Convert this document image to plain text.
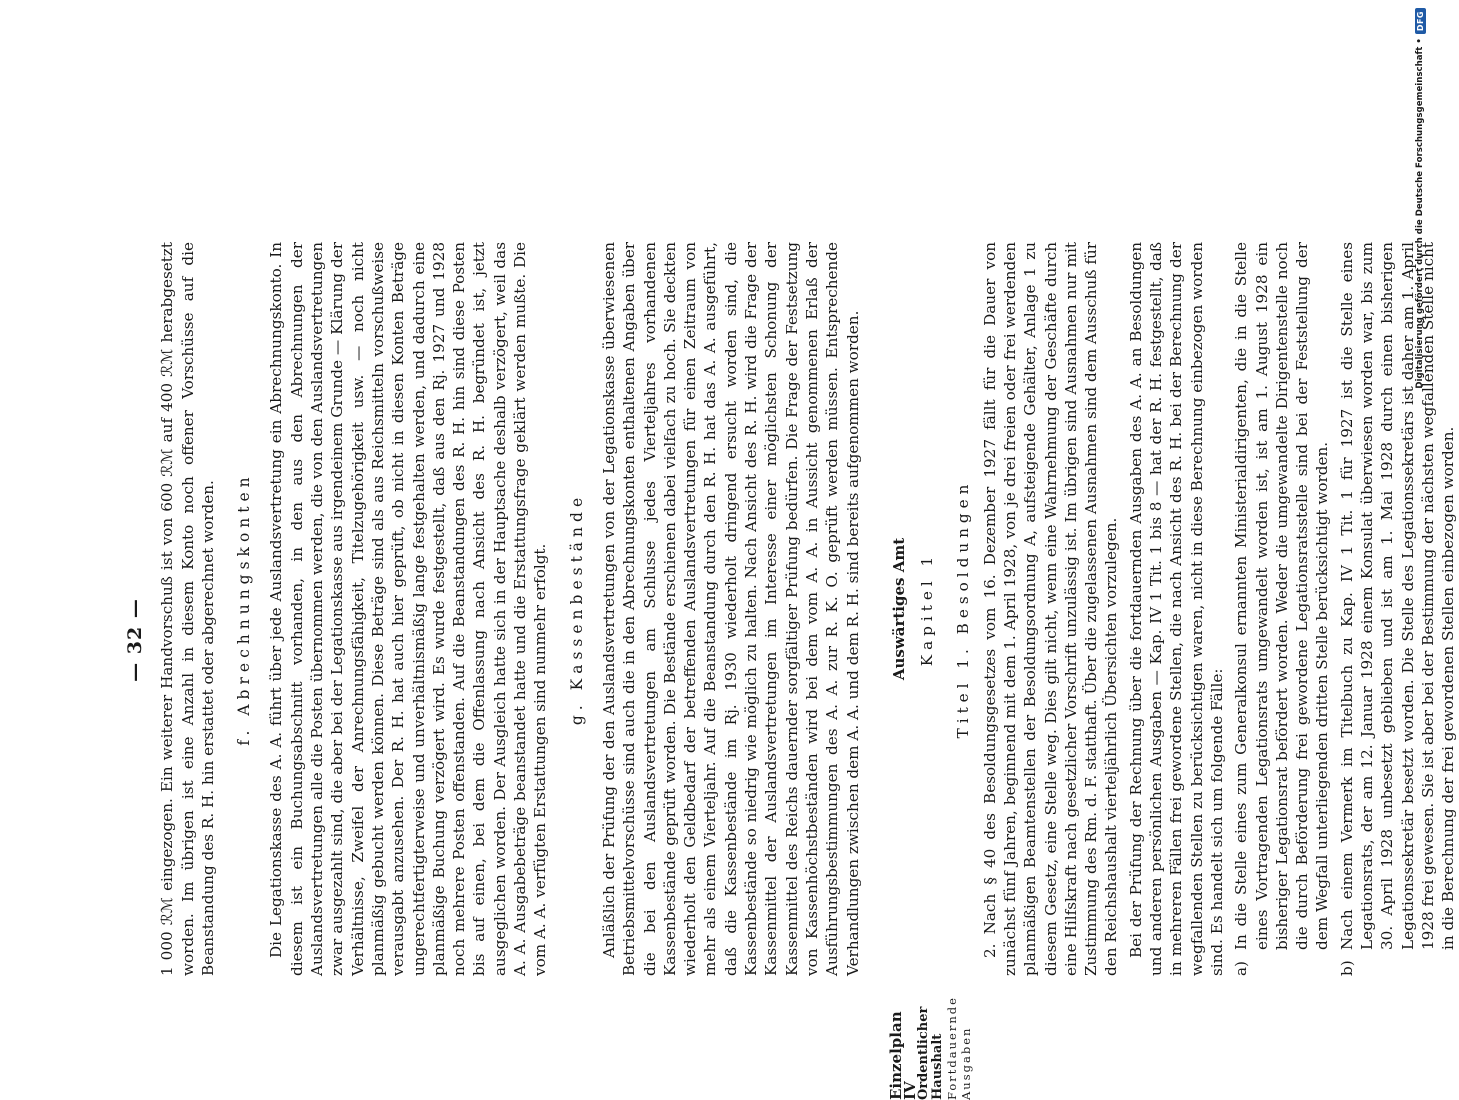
— 32 — 1 000 ℛℳ eingezogen. Ein weiterer Handvorschuß ist von 600 ℛℳ auf 400 ℛℳ herabgesetzt worden. Im übrigen ist eine Anzahl in diesem Konto noch offener Vorschüsse auf die Beanstandung des R. H. hin erstattet oder abgerechnet worden. f. Abrechnungskonten Die Legationskasse des A. A. führt über jede Auslandsvertretung ein Abrechnungskonto. In diesem ist ein Buchungsabschnitt vorhanden, in den aus den Abrechnungen der Auslandsvertretungen alle die Posten übernommen werden, die von den Auslandsvertretungen zwar ausgezahlt sind, die aber bei der Legationskasse aus irgendeinem Grunde — Klärung der Verhältnisse, Zweifel der Anrechnungsfähigkeit, Titelzugehörigkeit usw. — noch nicht planmäßig gebucht werden können. Diese Beträge sind als aus Reichsmitteln vorschußweise verausgabt anzusehen. Der R. H. hat auch hier geprüft, ob nicht in diesen Konten Beträge ungerechtfertigterweise und unverhältnismäßig lange festgehalten werden, und dadurch eine planmäßige Buchung verzögert wird. Es wurde festgestellt, daß aus den Rj. 1927 und 1928 noch mehrere Posten offenstanden. Auf die Beanstandungen des R. H. hin sind diese Posten bis auf einen, bei dem die Offenlassung nach Ansicht des R. H. begründet ist, jetzt ausgeglichen worden. Der Ausgleich hatte sich in der Hauptsache deshalb verzögert, weil das A. A. Ausgabebeträge beanstandet hatte und die Erstattungsfrage geklärt werden mußte. Die vom A. A. verfügten Erstattungen sind nunmehr erfolgt. g. Kassenbestände Anläßlich der Prüfung der den Auslandsvertretungen von der Legationskasse überwiesenen Betriebsmittelvorschüsse sind auch die in den Abrechnungskonten enthaltenen Angaben über die bei den Auslandsvertretungen am Schlusse jedes Vierteljahres vorhandenen Kassenbestände geprüft worden. Die Bestände erschienen dabei vielfach zu hoch. Sie deckten wiederholt den Geldbedarf der betreffenden Auslandsvertretungen für einen Zeitraum von mehr als einem Vierteljahr. Auf die Beanstandung durch den R. H. hat das A. A. ausgeführt, daß die Kassenbestände im Rj. 1930 wiederholt dringend ersucht worden sind, die Kassenbestände so niedrig wie möglich zu halten. Nach Ansicht des R. H. wird die Frage der Kassenmittel der Auslandsvertretungen im Interesse einer möglichsten Schonung der Kassenmittel des Reichs dauernder sorgfältiger Prüfung bedürfen. Die Frage der Festsetzung von Kassenhöchstbeständen wird bei dem vom A. A. in Aussicht genommenen Erlaß der Ausführungsbestimmungen des A. A. zur R. K. O. geprüft werden müssen. Entsprechende Verhandlungen zwischen dem A. A. und dem R. H. sind bereits aufgenommen worden.

Einzelplan IV
Ordentlicher Haushalt Fortdauernde Ausgaben
Auswärtiges Amt Kapitel 1 Titel 1. Besoldungen 2. Nach § 40 des Besoldungsgesetzes vom 16. Dezember 1927 fällt für die Dauer von zunächst fünf Jahren, beginnend mit dem 1. April 1928, von je drei freien oder frei werdenden planmäßigen Beamtenstellen der Besoldungsordnung A, aufsteigende Gehälter, Anlage 1 zu diesem Gesetz, eine Stelle weg. Dies gilt nicht, wenn eine Wahrnehmung der Geschäfte durch eine Hilfskraft nach gesetzlicher Vorschrift unzulässig ist. Im übrigen sind Ausnahmen nur mit Zustimmung des Rm. d. F. statthaft. Über die zugelassenen Ausnahmen sind dem Ausschuß für den Reichshaushalt vierteljährlich Übersichten vorzulegen. Bei der Prüfung der Rechnung über die fortdauernden Ausgaben des A. A. an Besoldungen und anderen persönlichen Ausgaben — Kap. IV 1 Tit. 1 bis 8 — hat der R. H. festgestellt, daß in mehreren Fällen frei gewordene Stellen, die nach Ansicht des R. H. bei der Berechnung der wegfallenden Stellen zu berücksichtigen waren, nicht in diese Berechnung einbezogen worden sind. Es handelt sich um folgende Fälle: a)
In die Stelle eines zum Generalkonsul ernannten Ministerialdirigenten, die in die Stelle eines Vortragenden Legationsrats umgewandelt worden ist, ist am 1. August 1928 ein bisheriger Legationsrat befördert worden. Weder die umgewandelte Dirigentenstelle noch die durch Beförderung frei gewordene Legationsratsstelle sind bei der Feststellung der dem Wegfall unterliegenden dritten Stelle berücksichtigt worden.
b)
Nach einem Vermerk im Titelbuch zu Kap. IV 1 Tit. 1 für 1927 ist die Stelle eines Legationsrats, der am 12. Januar 1928 einem Konsulat überwiesen worden war, bis zum 30. April 1928 unbesetzt geblieben und ist am 1. Mai 1928 durch einen bisherigen Legationssekretär besetzt worden. Die Stelle des Legationssekretärs ist daher am 1. April 1928 frei gewesen. Sie ist aber bei der Bestimmung der nächsten wegfallenden Stelle nicht in die Berechnung der frei gewordenen Stellen einbezogen worden.
Digitalisierung gefördert durch die Deutsche Forschungsgemeinschaft •
DFG
